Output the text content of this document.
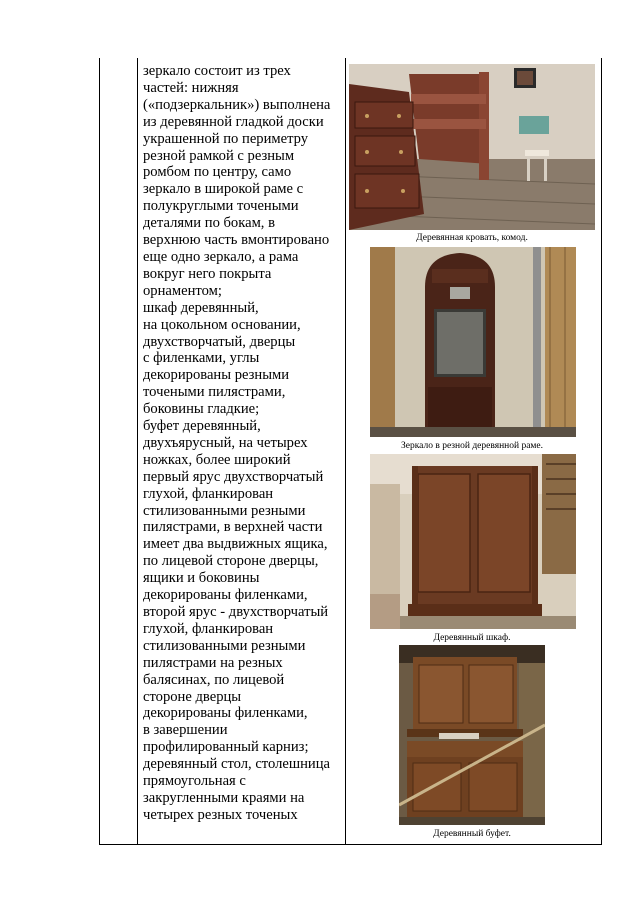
зеркало состоит из трех
частей: нижняя
(«подзеркальник») выполнена
из деревянной гладкой доски
украшенной по периметру
резной рамкой с резным
ромбом по центру, само
зеркало в широкой раме с
полукруглыми точеными
деталями по бокам, в
верхнюю часть вмонтировано
еще одно зеркало, а рама
вокруг него покрыта
орнаментом;
шкаф деревянный,
на цокольном основании,
двухстворчатый, дверцы
с филенками, углы
декорированы резными
точеными пилястрами,
боковины гладкие;
буфет деревянный,
двухъярусный, на четырех
ножках, более широкий
первый ярус двухстворчатый
глухой, фланкирован
стилизованными резными
пилястрами, в верхней части
имеет два выдвижных ящика,
по лицевой стороне дверцы,
ящики и боковины
декорированы филенками,
второй ярус - двухстворчатый
глухой, фланкирован
стилизованными резными
пилястрами на резных
балясинах, по лицевой
стороне дверцы
декорированы филенками,
в завершении
профилированный карниз;
деревянный стол, столешница
прямоугольная с
закругленными краями на
четырех резных точеных
Деревянная кровать, комод.
Зеркало в резной деревянной раме.
Деревянный шкаф.
Деревянный буфет.
